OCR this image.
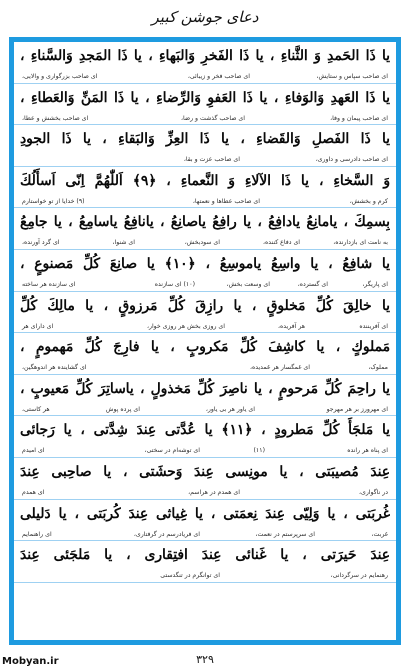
دعای جوشن کبیر
يا ذَا الحَمدِ وَ الثَّناءِ ، يا ذَا الفَخرِ وَالبَهاءِ ، يا ذَا المَجدِ وَالسَّناءِ ،
ای صاحب سپاس و ستایش،
ای صاحب فخر و زیبائی،
ای صاحب بزرگواری و والایی،
يا ذَا العَهدِ وَالوَفاءِ ، يا ذَا العَفوِ وَالرِّضاءِ ، يا ذَا المَنِّ وَالعَطاءِ ،
ای صاحب پیمان و وفا،
ای صاحب گذشت و رضا،
ای صاحب بخشش و عطا،
يا ذَا الفَصلِ وَالقَضاءِ ، يا ذَا العِزِّ وَالبَقاءِ ، يا ذَا الجودِ
ای صاحب دادرسی و داوری،
ای صاحب عزت و بقا،
وَ السَّخاءِ ، يا ذَا الآلاءِ وَ النَّعماءِ ، ﴿٩﴾ اَللّٰهُمَّ اِنّی اَسأَلُكَ
کرم و بخشش،
ای صاحب عطاها و نعمتها،
(۹) خدایا از تو خواستارم
بِسمِكَ ، يامانِعُ يادافِعُ ، يا رافِعُ ياصانِعُ ، يانافِعُ ياسامِعُ ، يا جامِعُ
به نامت ای بازدارنده،
ای دفاع کننده،
ای سودبخش،
ای شنوا،
ای گرد آورنده،
يا شافِعُ ، يا واسِعُ ياموسِعُ ، ﴿١٠﴾ يا صانِعَ كُلِّ مَصنوعٍ ،
ای پاریگر،
ای گسترده،
ای وسعت بخش،
(۱۰) ای سازنده
ای سازنده هر ساخته
يا خالِقَ كُلِّ مَخلوقٍ ، يا رازِقَ كُلِّ مَرزوقٍ ، يا مالِكَ كُلِّ
ای آفریننده
هر آفریده،
ای روزی بخش هر روزی خوار،
ای دارای هر
مَملوكٍ ، يا كاشِفَ كُلِّ مَكروبٍ ، يا فارِجَ كُلِّ مَهمومٍ ،
مملوک،
ای غمگسار هر غمدیده،
ای گشاینده هر اندوهگین،
يا راحِمَ كُلِّ مَرحومٍ ، يا ناصِرَ كُلِّ مَخذولٍ ، ياساتِرَ كُلِّ مَعيوبٍ ،
ای مهرورز بر هر مهرجو
ای یاور هر بی یاور،
ای پرده پوش
هر کاستی،
يا مَلجَأَ كُلِّ مَطرودٍ ، ﴿١١﴾ يا عُدَّتی عِندَ شِدَّتی ، يا رَجائی
ای پناه هر رانده
(۱۱)
ای توشه‌ام در سختی،
ای امیدم
عِندَ مُصيبَتی ، يا مونِسی عِندَ وَحشَتی ، يا صاحِبی عِندَ
در ناگواری،
ای همدم در هراسم،
ای همدم
غُربَتی ، يا وَلِيّی عِندَ نِعمَتی ، يا غِياثی عِندَ كُربَتی ، يا دَليلی
غربت،
ای سرپرستم در نعمت،
ای فریادرسم در گرفتاری،
ای راهنمایم
عِندَ حَيرَتی ، يا غَنائی عِندَ افتِقاری ، يا مَلجَئی عِندَ
رهنمایم در سرگردانی،
ای توانگرم در تنگدستی
۳۲۹
Mobyan.ir
